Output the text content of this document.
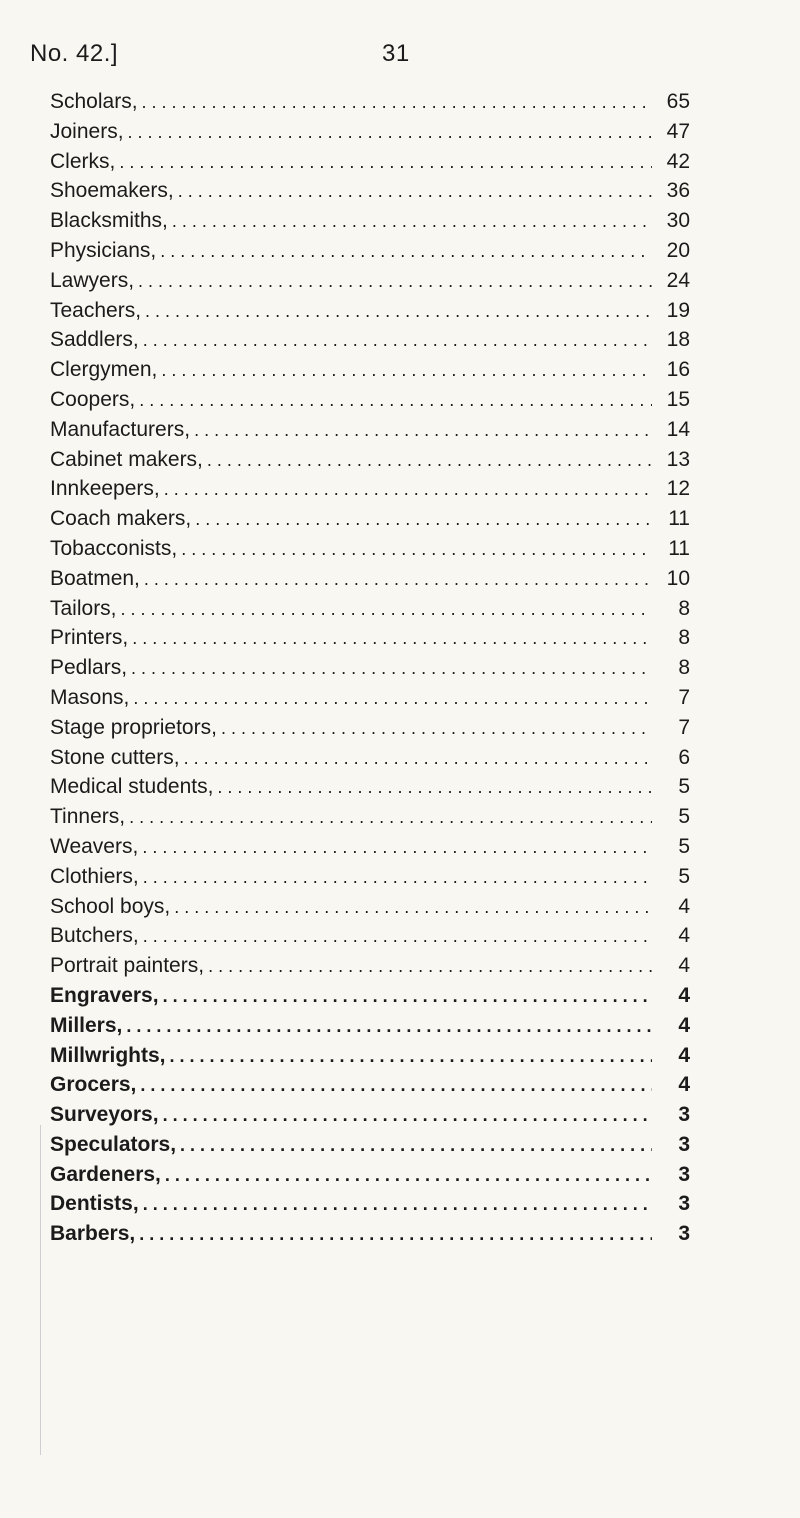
No. 42.]	31
Scholars, . . .	65
Joiners, . . .	47
Clerks, . . .	42
Shoemakers, . . .	36
Blacksmiths, . . .	30
Physicians, . . .	20
Lawyers, . . .	24
Teachers, . . .	19
Saddlers, . . .	18
Clergymen, . . .	16
Coopers, . . .	15
Manufacturers, . . .	14
Cabinet makers, . . .	13
Innkeepers, . . .	12
Coach makers, . . .	11
Tobacconists, . . .	11
Boatmen, . . .	10
Tailors, . . .	8
Printers, . . .	8
Pedlars, . . .	8
Masons, . . .	7
Stage proprietors, . . .	7
Stone cutters, . . .	6
Medical students, . . .	5
Tinners, . . .	5
Weavers, . . .	5
Clothiers, . . .	5
School boys, . . .	4
Butchers, . . .	4
Portrait painters, . . .	4
Engravers, . . .	4
Millers, . . .	4
Millwrights, . . .	4
Grocers, . . .	4
Surveyors, . . .	3
Speculators, . . .	3
Gardeners, . . .	3
Dentists, . . .	3
Barbers, . . .	3
